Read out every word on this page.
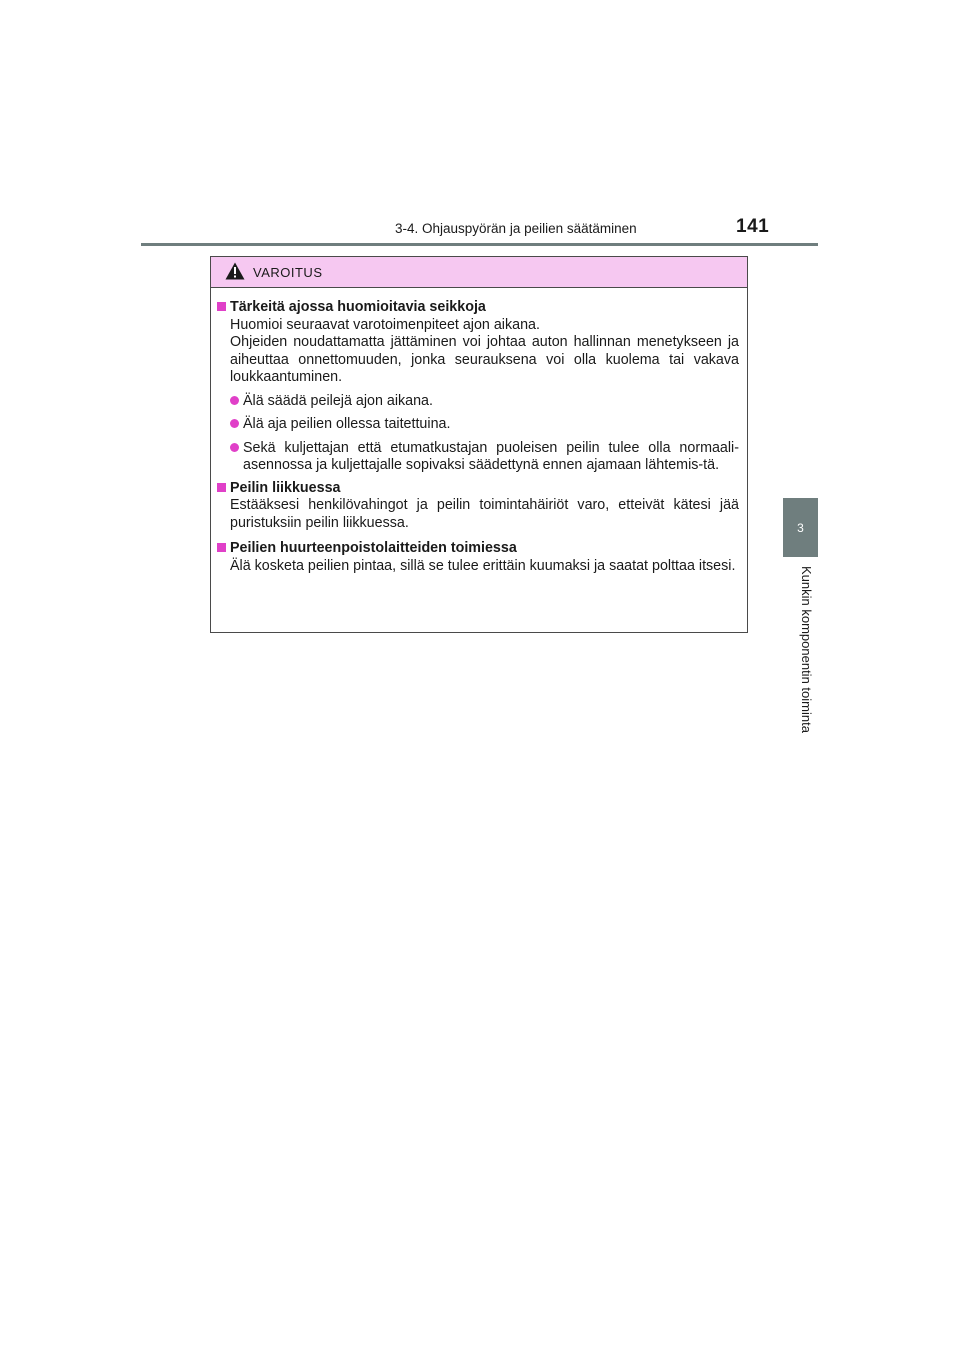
3-4. Ohjauspyörän ja peilien säätäminen	141
3
Kunkin komponentin toiminta
VAROITUS
Tärkeitä ajossa huomioitavia seikkoja

Huomioi seuraavat varotoimenpiteet ajon aikana.

Ohjeiden noudattamatta jättäminen voi johtaa auton hallinnan menetykseen ja aiheuttaa onnettomuuden, jonka seurauksena voi olla kuolema tai vakava loukkaantuminen.

Älä säädä peilejä ajon aikana.
Älä aja peilien ollessa taitettuina.
Sekä kuljettajan että etumatkustajan puoleisen peilin tulee olla normaali-asennossa ja kuljettajalle sopivaksi säädettynä ennen ajamaan lähtemis-tä.
Peilin liikkuessa

Estääksesi henkilövahingot ja peilin toimintahäiriöt varo, etteivät kätesi jää puristuksiin peilin liikkuessa.

Peilien huurteenpoistolaitteiden toimiessa

Älä kosketa peilien pintaa, sillä se tulee erittäin kuumaksi ja saatat polttaa itsesi.
